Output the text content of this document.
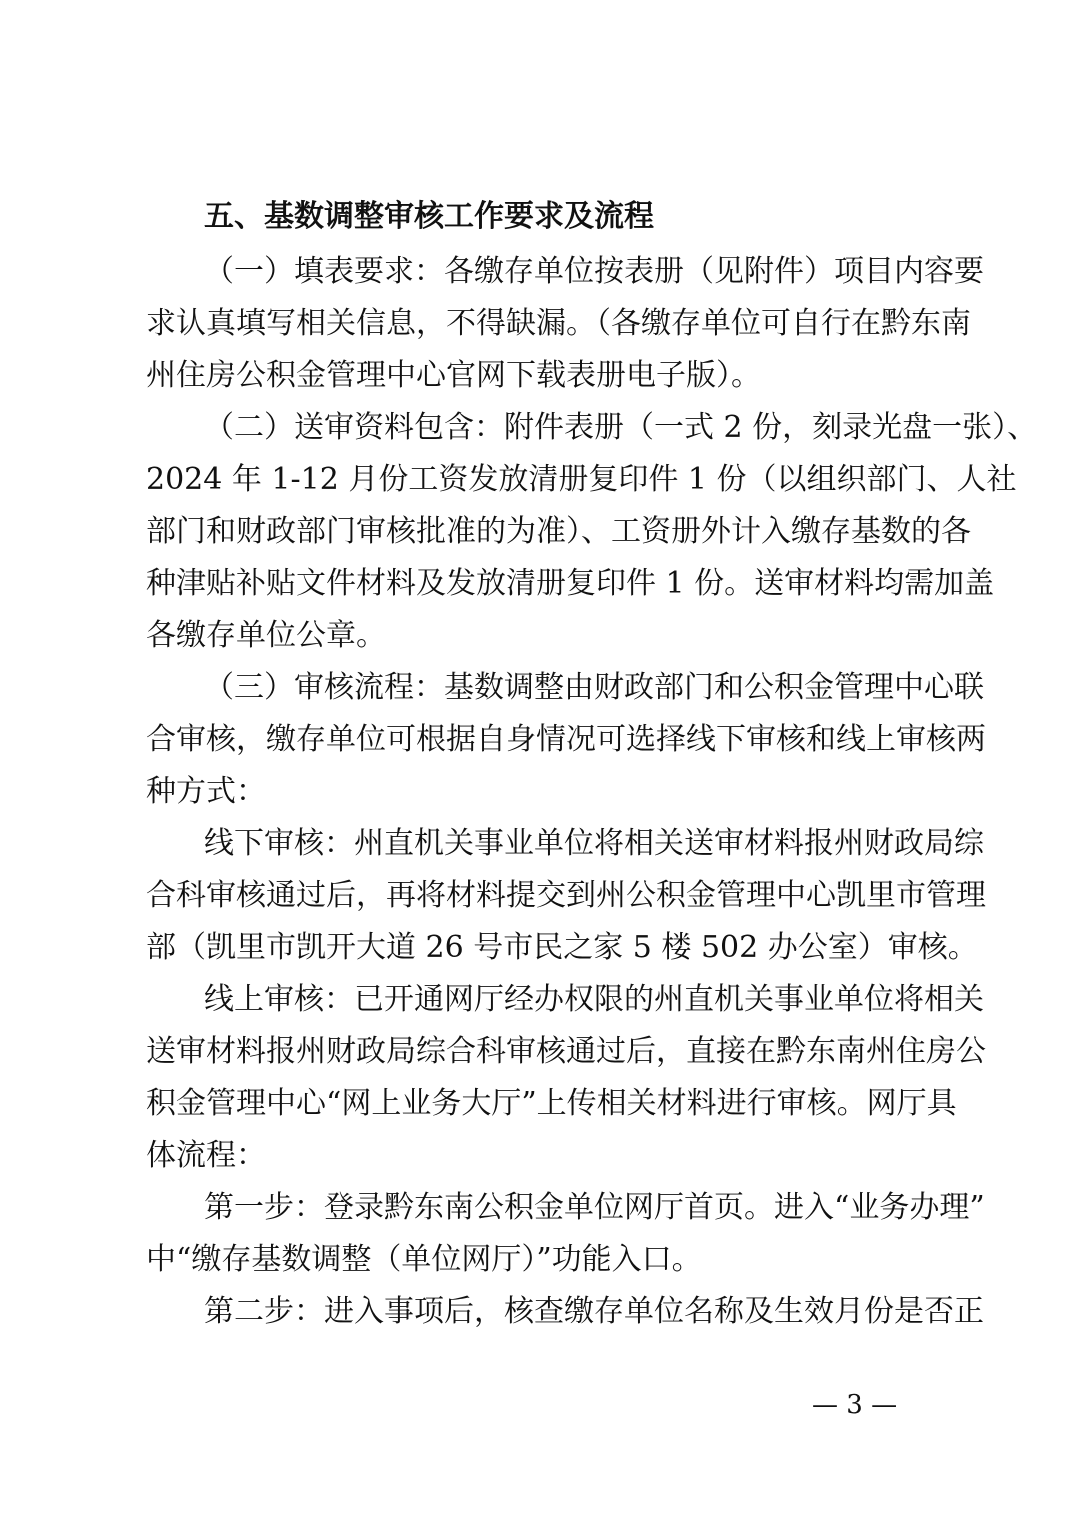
五、基数调整审核工作要求及流程
（一）填表要求：各缴存单位按表册（见附件）项目内容要
求认真填写相关信息，不得缺漏。（各缴存单位可自行在黔东南
州住房公积金管理中心官网下载表册电子版）。
（二）送审资料包含：附件表册（一式 2 份，刻录光盘一张）、
2024 年 1-12 月份工资发放清册复印件 1 份（以组织部门、人社
部门和财政部门审核批准的为准）、工资册外计入缴存基数的各
种津贴补贴文件材料及发放清册复印件 1 份。送审材料均需加盖
各缴存单位公章。
（三）审核流程：基数调整由财政部门和公积金管理中心联
合审核，缴存单位可根据自身情况可选择线下审核和线上审核两
种方式：
线下审核：州直机关事业单位将相关送审材料报州财政局综
合科审核通过后，再将材料提交到州公积金管理中心凯里市管理
部（凯里市凯开大道 26 号市民之家 5 楼 502 办公室）审核。
线上审核：已开通网厅经办权限的州直机关事业单位将相关
送审材料报州财政局综合科审核通过后，直接在黔东南州住房公
积金管理中心“网上业务大厅”上传相关材料进行审核。网厅具
体流程：
第一步：登录黔东南公积金单位网厅首页。进入“业务办理”
中“缴存基数调整（单位网厅）”功能入口。
第二步：进入事项后，核查缴存单位名称及生效月份是否正
— 3 —
